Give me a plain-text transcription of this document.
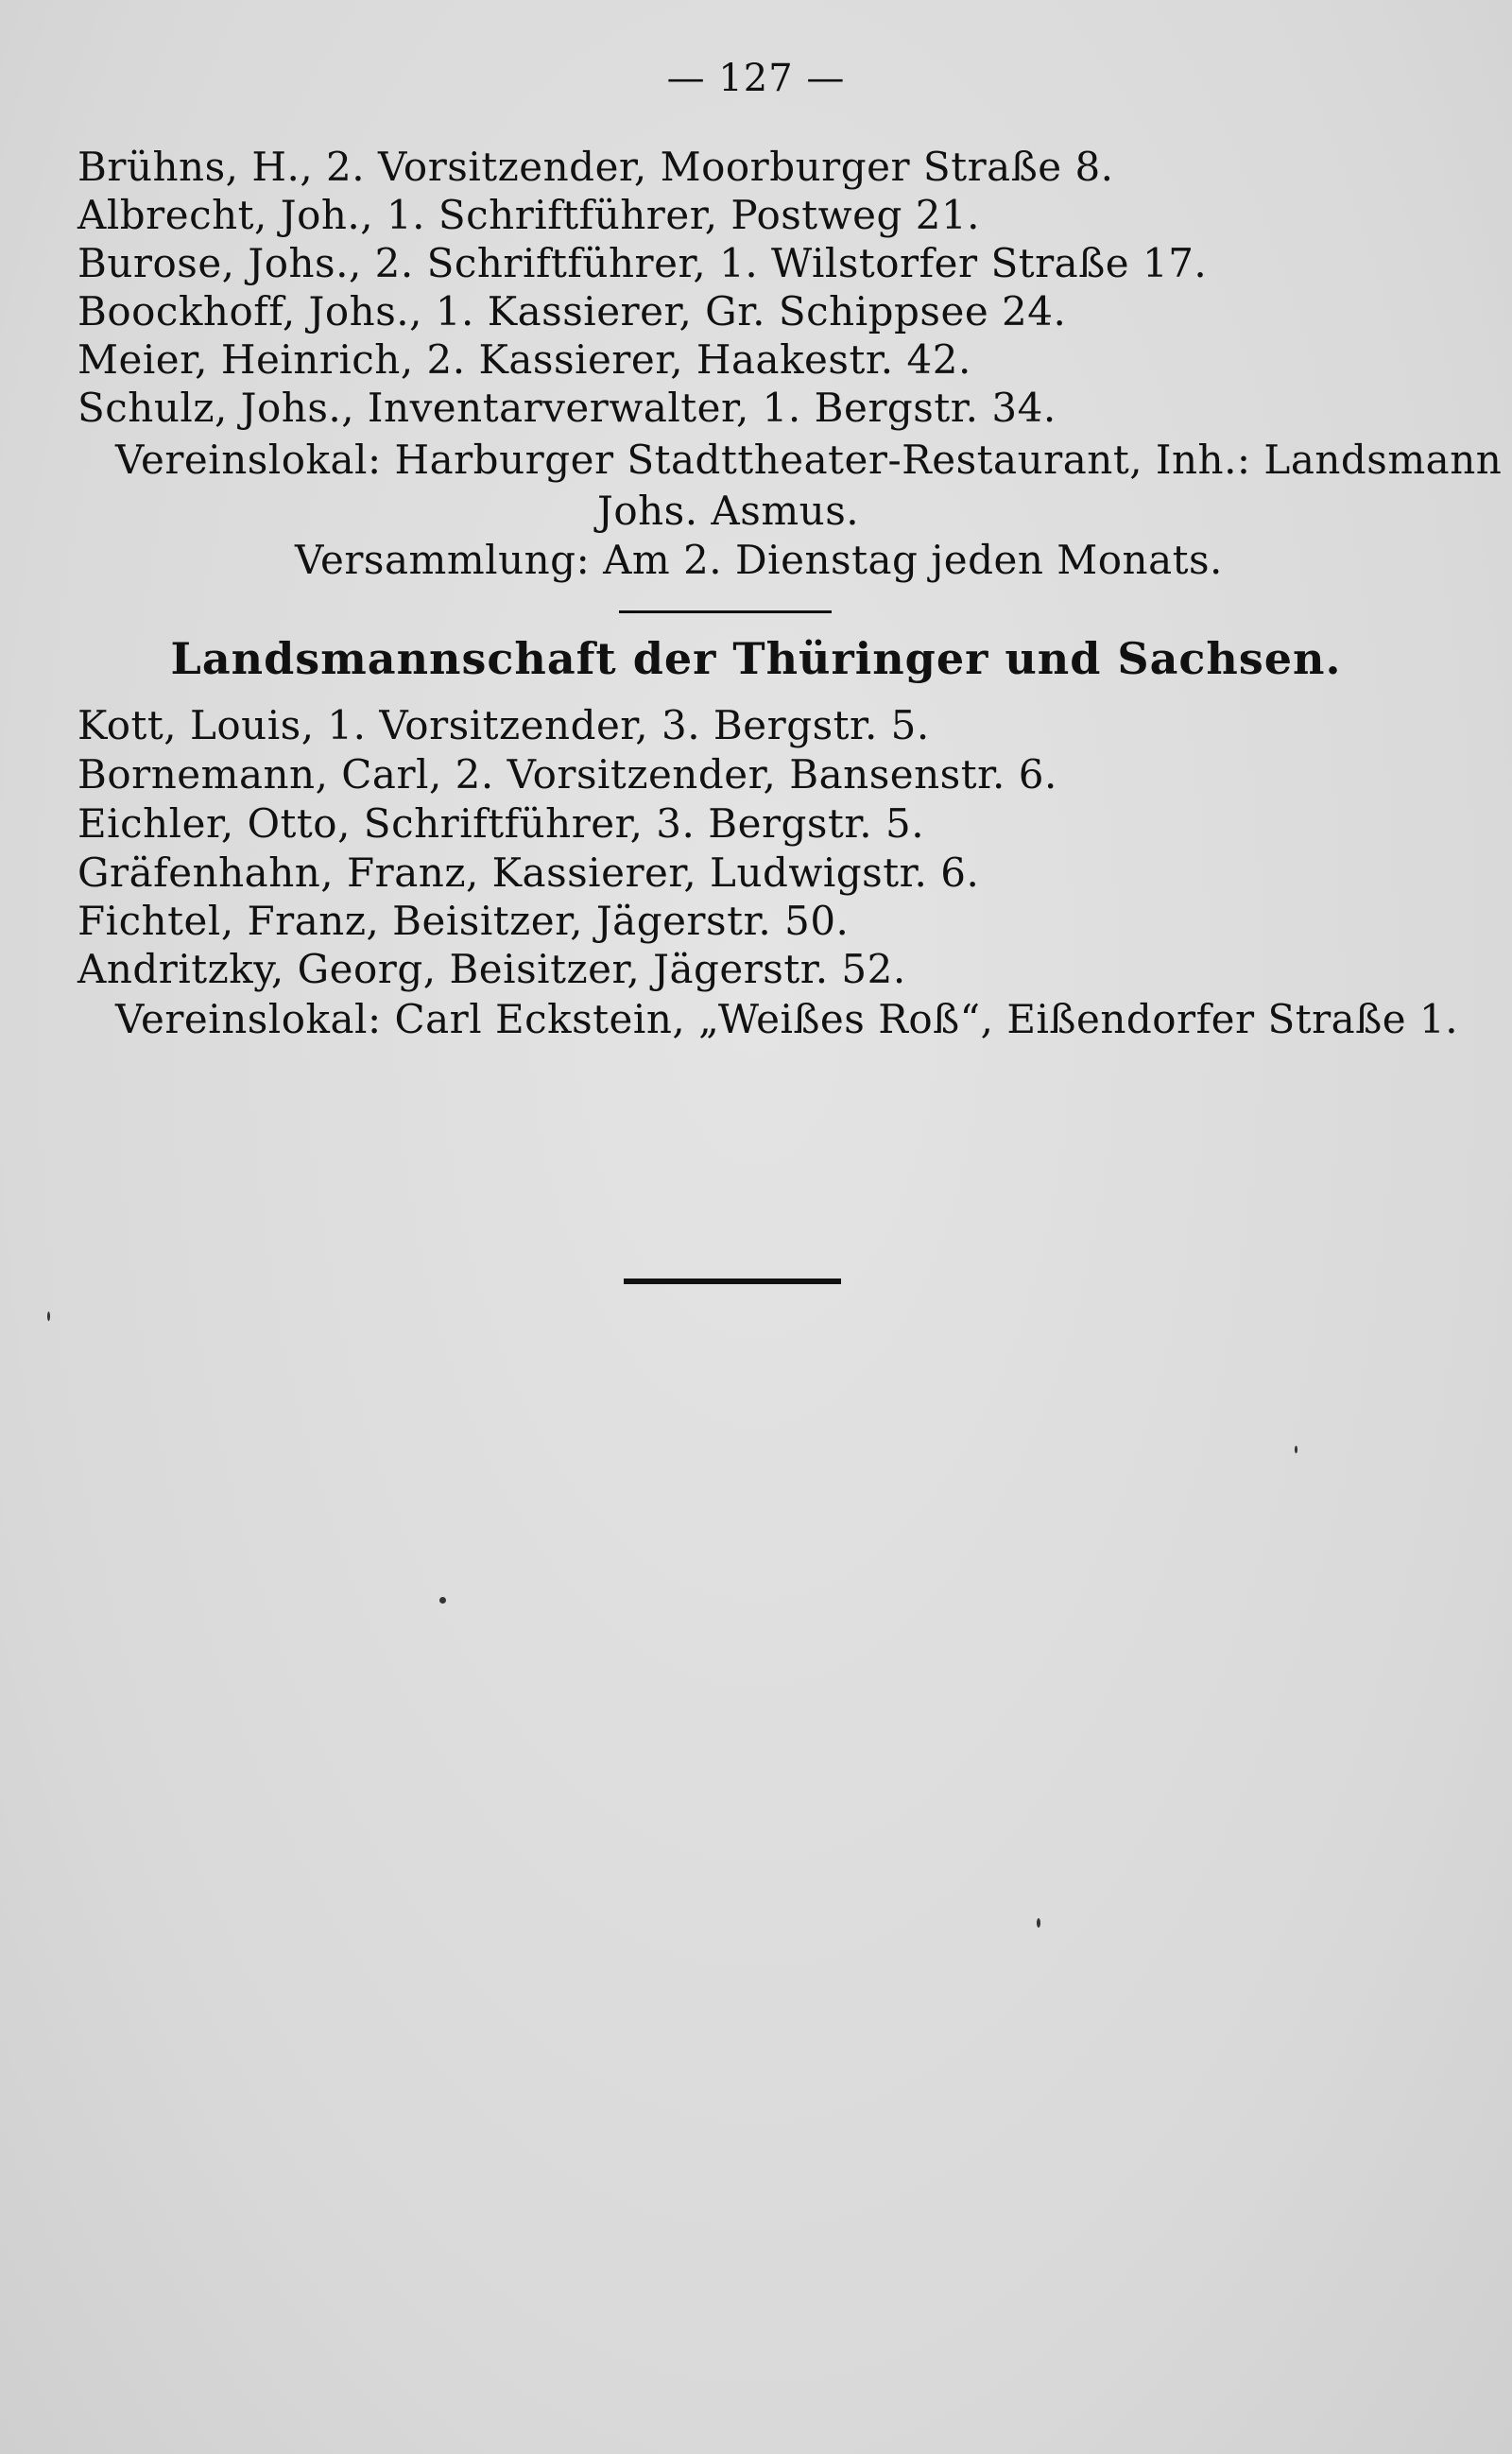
— 127 —
Brühns, H., 2. Vorsitzender, Moorburger Straße 8.
Albrecht, Joh., 1. Schriftführer, Postweg 21.
Burose, Johs., 2. Schriftführer, 1. Wilstorfer Straße 17.
Boockhoff, Johs., 1. Kassierer, Gr. Schippsee 24.
Meier, Heinrich, 2. Kassierer, Haakestr. 42.
Schulz, Johs., Inventarverwalter, 1. Bergstr. 34.
Vereinslokal: Harburger Stadttheater-Restaurant, Inh.: Landsmann
Johs. Asmus.
Versammlung: Am 2. Dienstag jeden Monats.
Landsmannschaft der Thüringer und Sachsen.
Kott, Louis, 1. Vorsitzender, 3. Bergstr. 5.
Bornemann, Carl, 2. Vorsitzender, Bansenstr. 6.
Eichler, Otto, Schriftführer, 3. Bergstr. 5.
Gräfenhahn, Franz, Kassierer, Ludwigstr. 6.
Fichtel, Franz, Beisitzer, Jägerstr. 50.
Andritzky, Georg, Beisitzer, Jägerstr. 52.
Vereinslokal: Carl Eckstein, „Weißes Roß“, Eißendorfer Straße 1.
